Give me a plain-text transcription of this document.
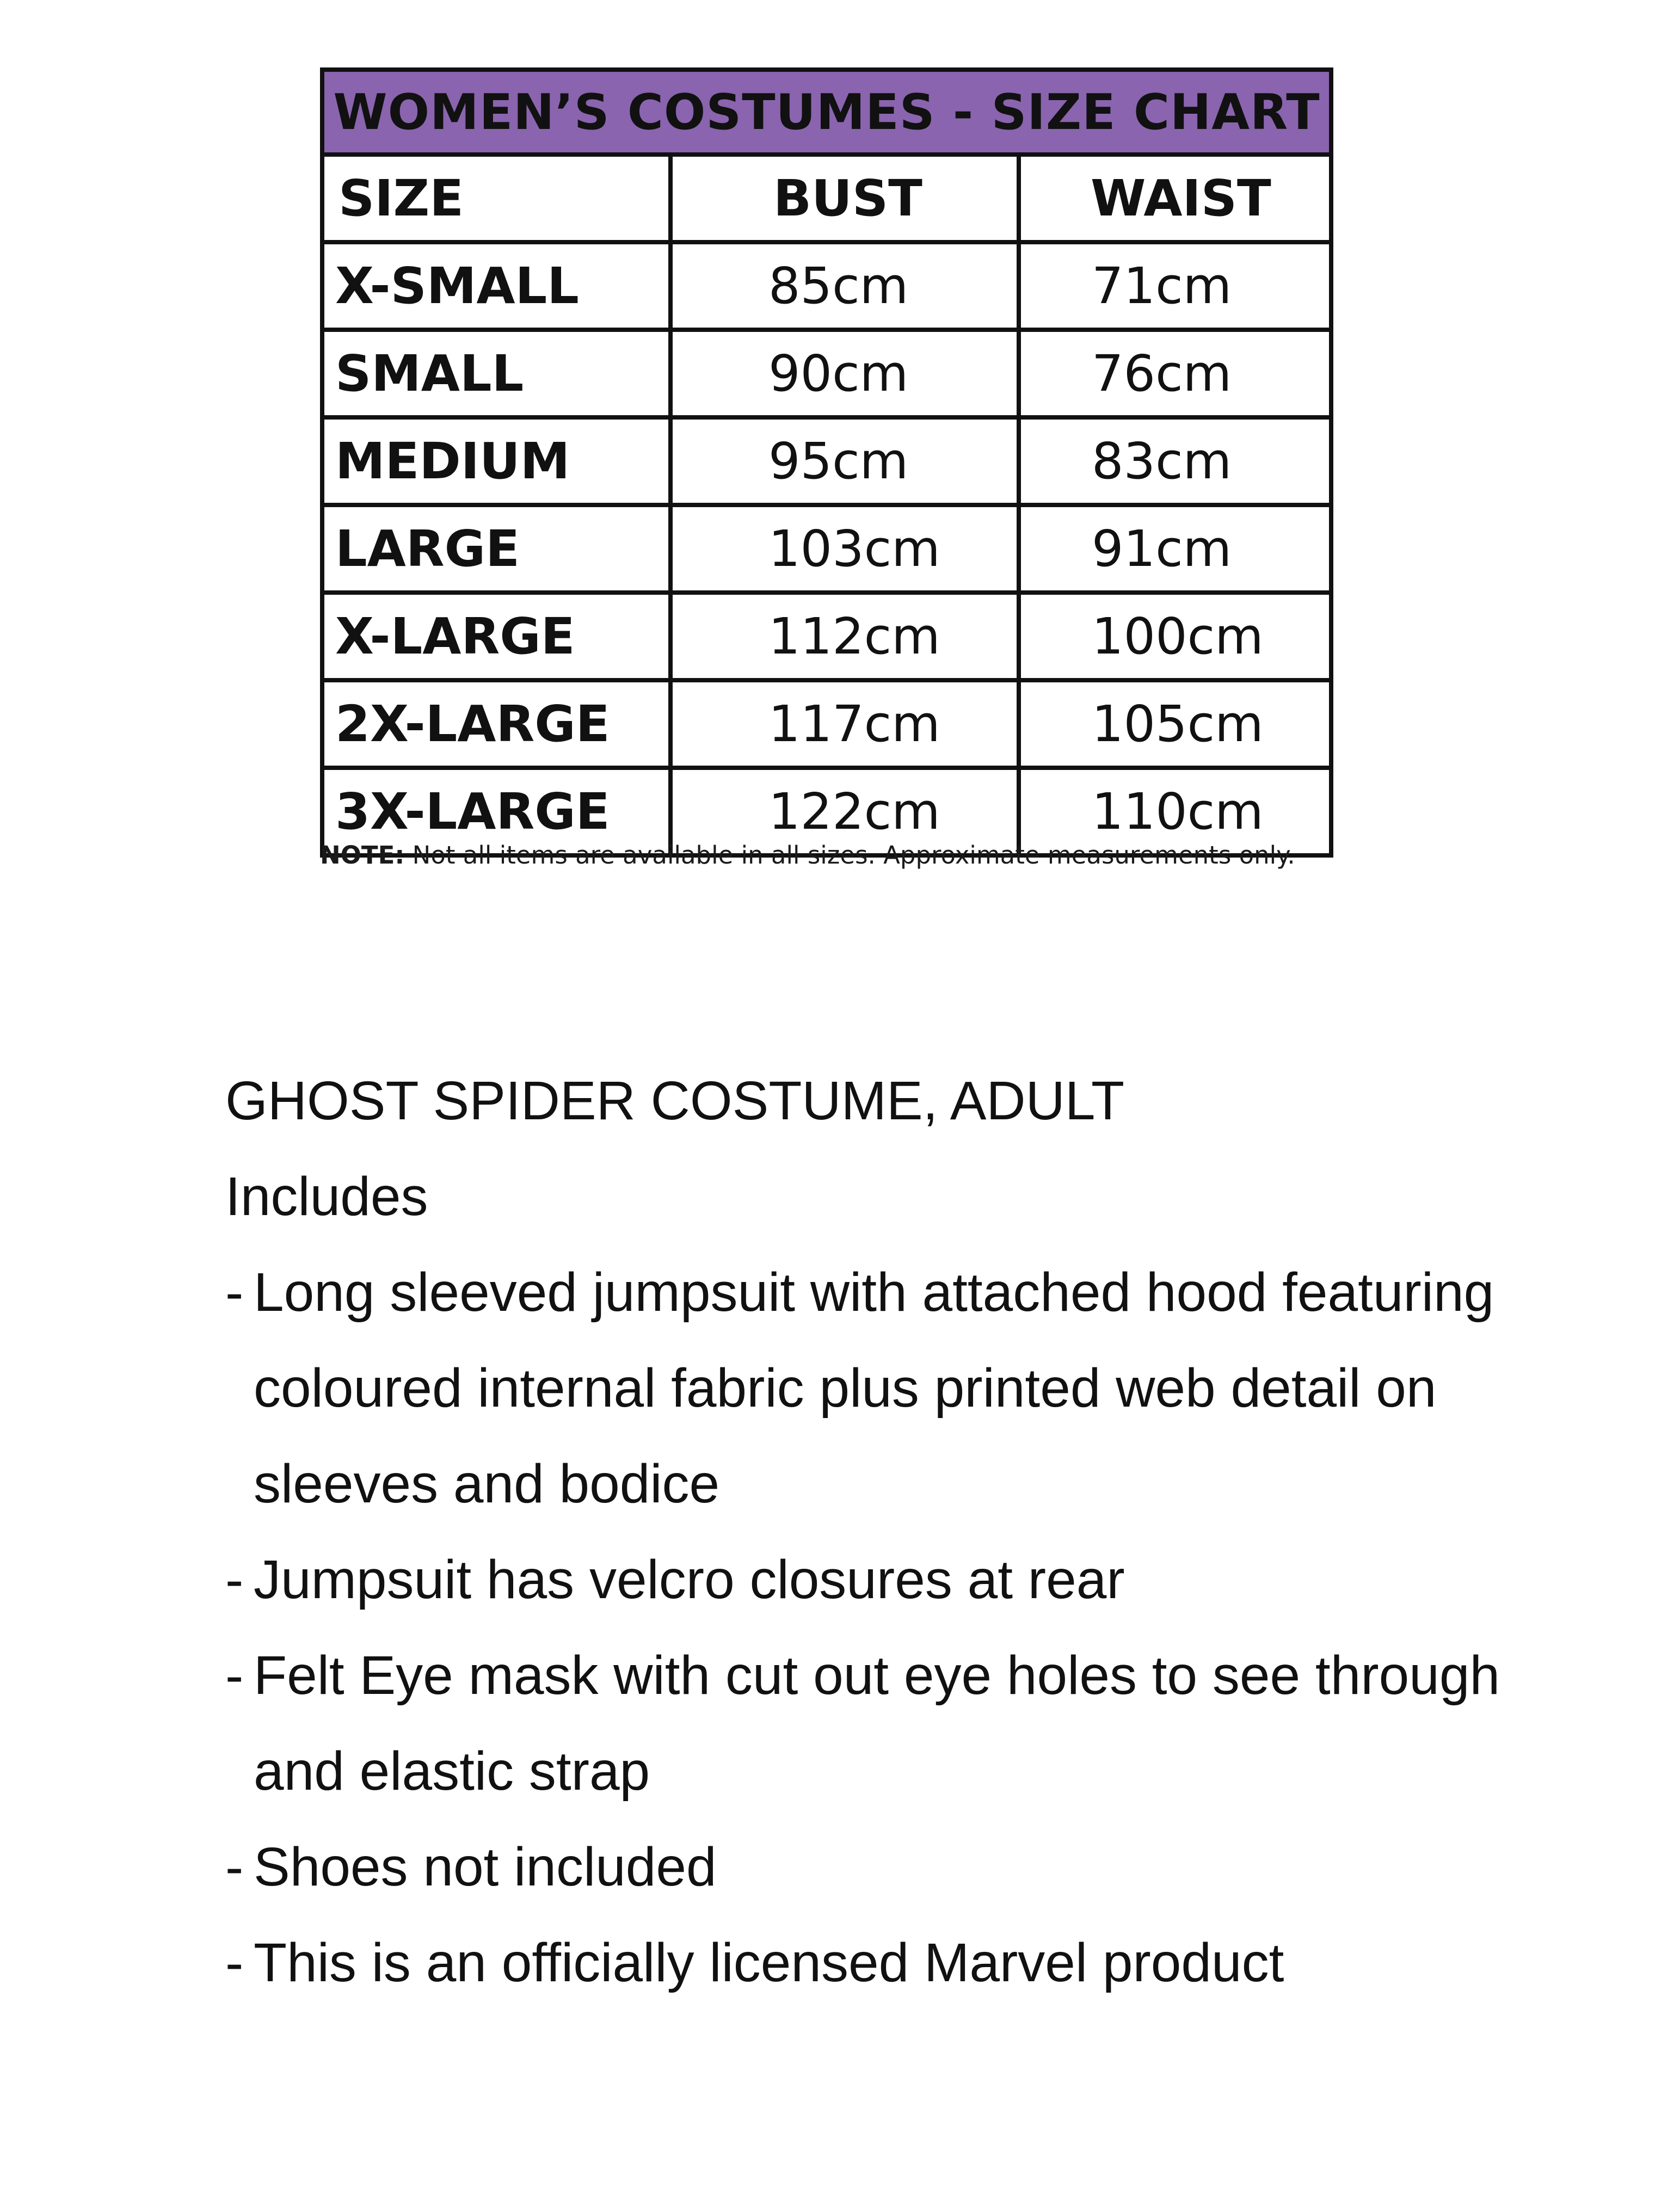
WOMEN’S COSTUMES - SIZE CHART		
SIZE	BUST	WAIST
X-SMALL	85cm	71cm
SMALL	90cm	76cm
MEDIUM	95cm	83cm
LARGE	103cm	91cm
X-LARGE	112cm	100cm
2X-LARGE	117cm	105cm
3X-LARGE	122cm	110cm
NOTE: Not all items are available in all sizes. Approximate measurements only.
GHOST SPIDER COSTUME, ADULT
Includes
- Long sleeved jumpsuit with attached hood featuring
coloured internal fabric plus printed web detail on
sleeves and bodice
- Jumpsuit has velcro closures at rear
- Felt Eye mask with cut out eye holes to see through
and elastic strap
- Shoes not included
- This is an officially licensed Marvel product
